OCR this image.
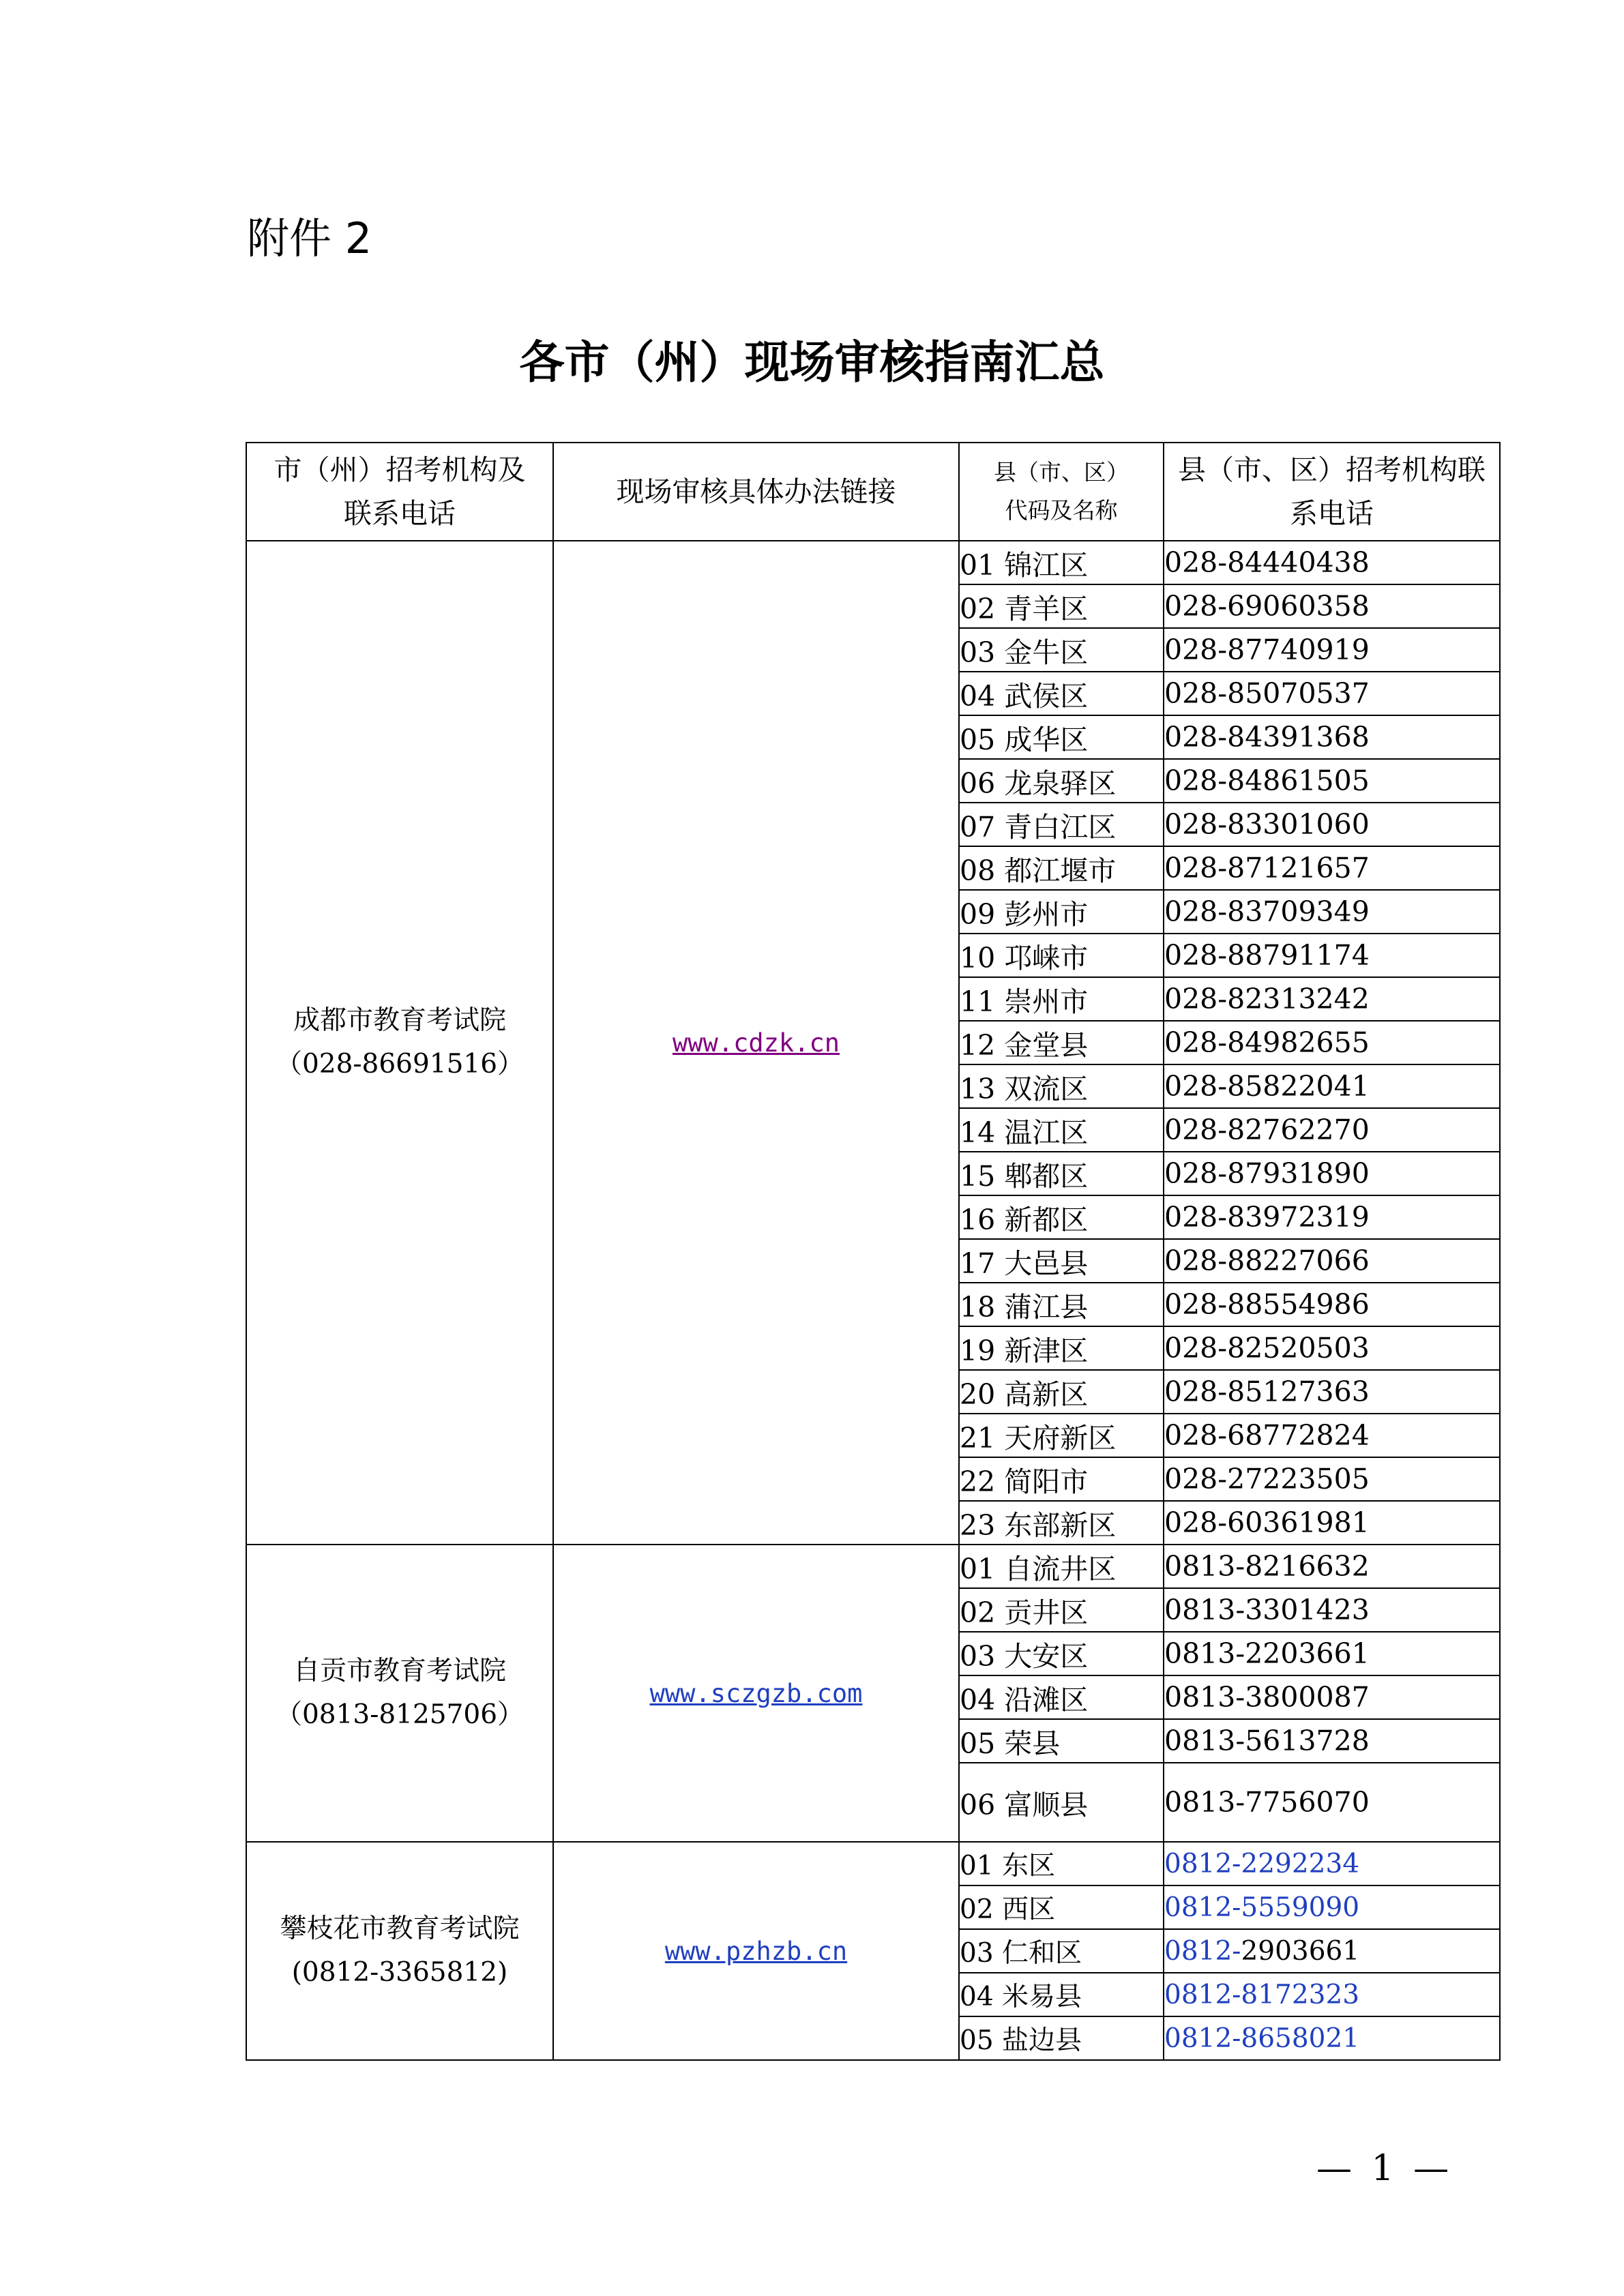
附件 2
各市（州）现场审核指南汇总
市（州）招考机构及联系电话	现场审核具体办法链接	县（市、区）代码及名称	县（市、区）招考机构联系电话

成都市教育考试院
（028-86691516）	www.cdzk.cn	01 锦江区	028-84440438
		02 青羊区	028-69060358
		03 金牛区	028-87740919
		04 武侯区	028-85070537
		05 成华区	028-84391368
		06 龙泉驿区	028-84861505
		07 青白江区	028-83301060
		08 都江堰市	028-87121657
		09 彭州市	028-83709349
		10 邛崃市	028-88791174
		11 崇州市	028-82313242
		12 金堂县	028-84982655
		13 双流区	028-85822041
		14 温江区	028-82762270
		15 郫都区	028-87931890
		16 新都区	028-83972319
		17 大邑县	028-88227066
		18 蒲江县	028-88554986
		19 新津区	028-82520503
		20 高新区	028-85127363
		21 天府新区	028-68772824
		22 简阳市	028-27223505
		23 东部新区	028-60361981

自贡市教育考试院
（0813-8125706）	www.sczgzb.com	01 自流井区	0813-8216632
		02 贡井区	0813-3301423
		03 大安区	0813-2203661
		04 沿滩区	0813-3800087
		05 荣县	0813-5613728
		06 富顺县	0813-7756070

攀枝花市教育考试院
(0812-3365812)	www.pzhzb.cn	01 东区	0812-2292234
		02 西区	0812-5559090
		03 仁和区	0812-2903661
		04 米易县	0812-8172323
		05 盐边县	0812-8658021
— 1 —
